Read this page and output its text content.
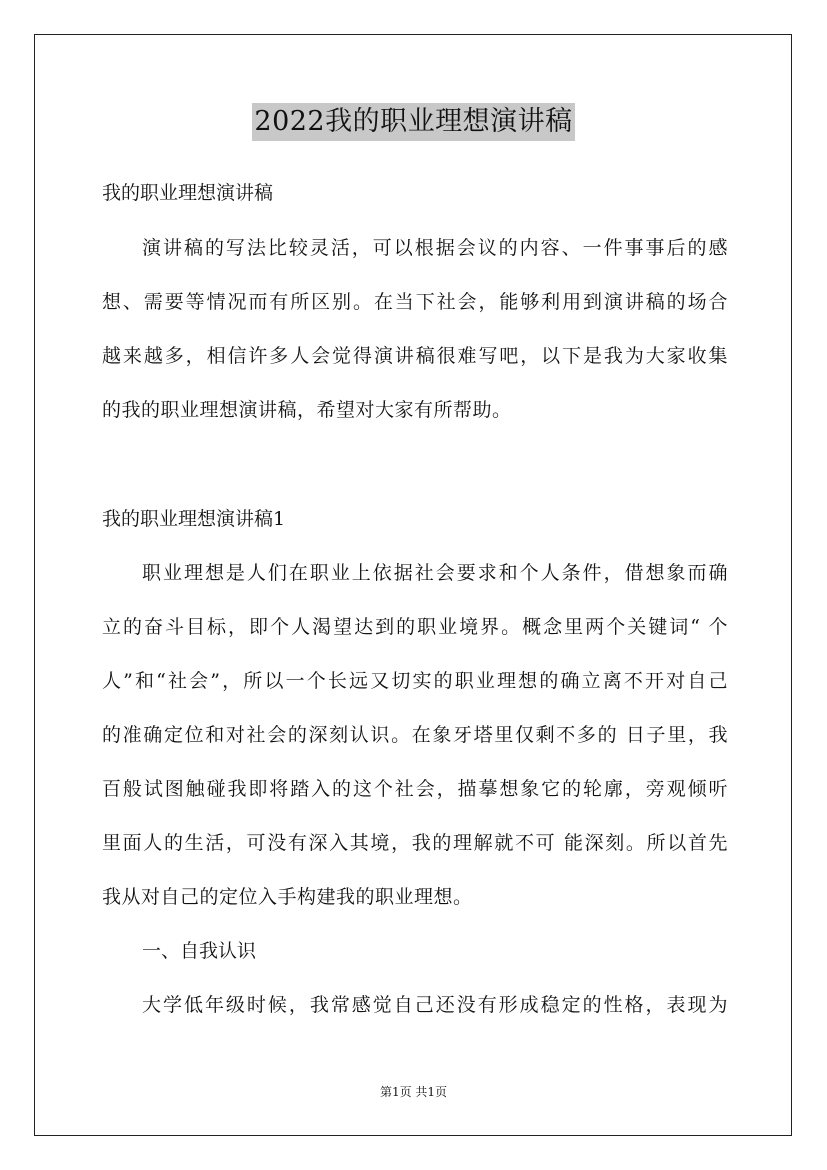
2022我的职业理想演讲稿
我的职业理想演讲稿
演讲稿的写法比较灵活，可以根据会议的内容、一件事事后的感
想、需要等情况而有所区别。在当下社会，能够利用到演讲稿的场合
越来越多，相信许多人会觉得演讲稿很难写吧，以下是我为大家收集
的我的职业理想演讲稿，希望对大家有所帮助。
我的职业理想演讲稿1
职业理想是人们在职业上依据社会要求和个人条件，借想象而确
立的奋斗目标，即个人渴望达到的职业境界。概念里两个关键词“ 个
人”和“社会”，所以一个长远又切实的职业理想的确立离不开对自己
的准确定位和对社会的深刻认识。在象牙塔里仅剩不多的 日子里，我
百般试图触碰我即将踏入的这个社会，描摹想象它的轮廓，旁观倾听
里面人的生活，可没有深入其境，我的理解就不可 能深刻。所以首先
我从对自己的定位入手构建我的职业理想。
一、自我认识
大学低年级时候，我常感觉自己还没有形成稳定的性格，表现为
第1页 共1页
